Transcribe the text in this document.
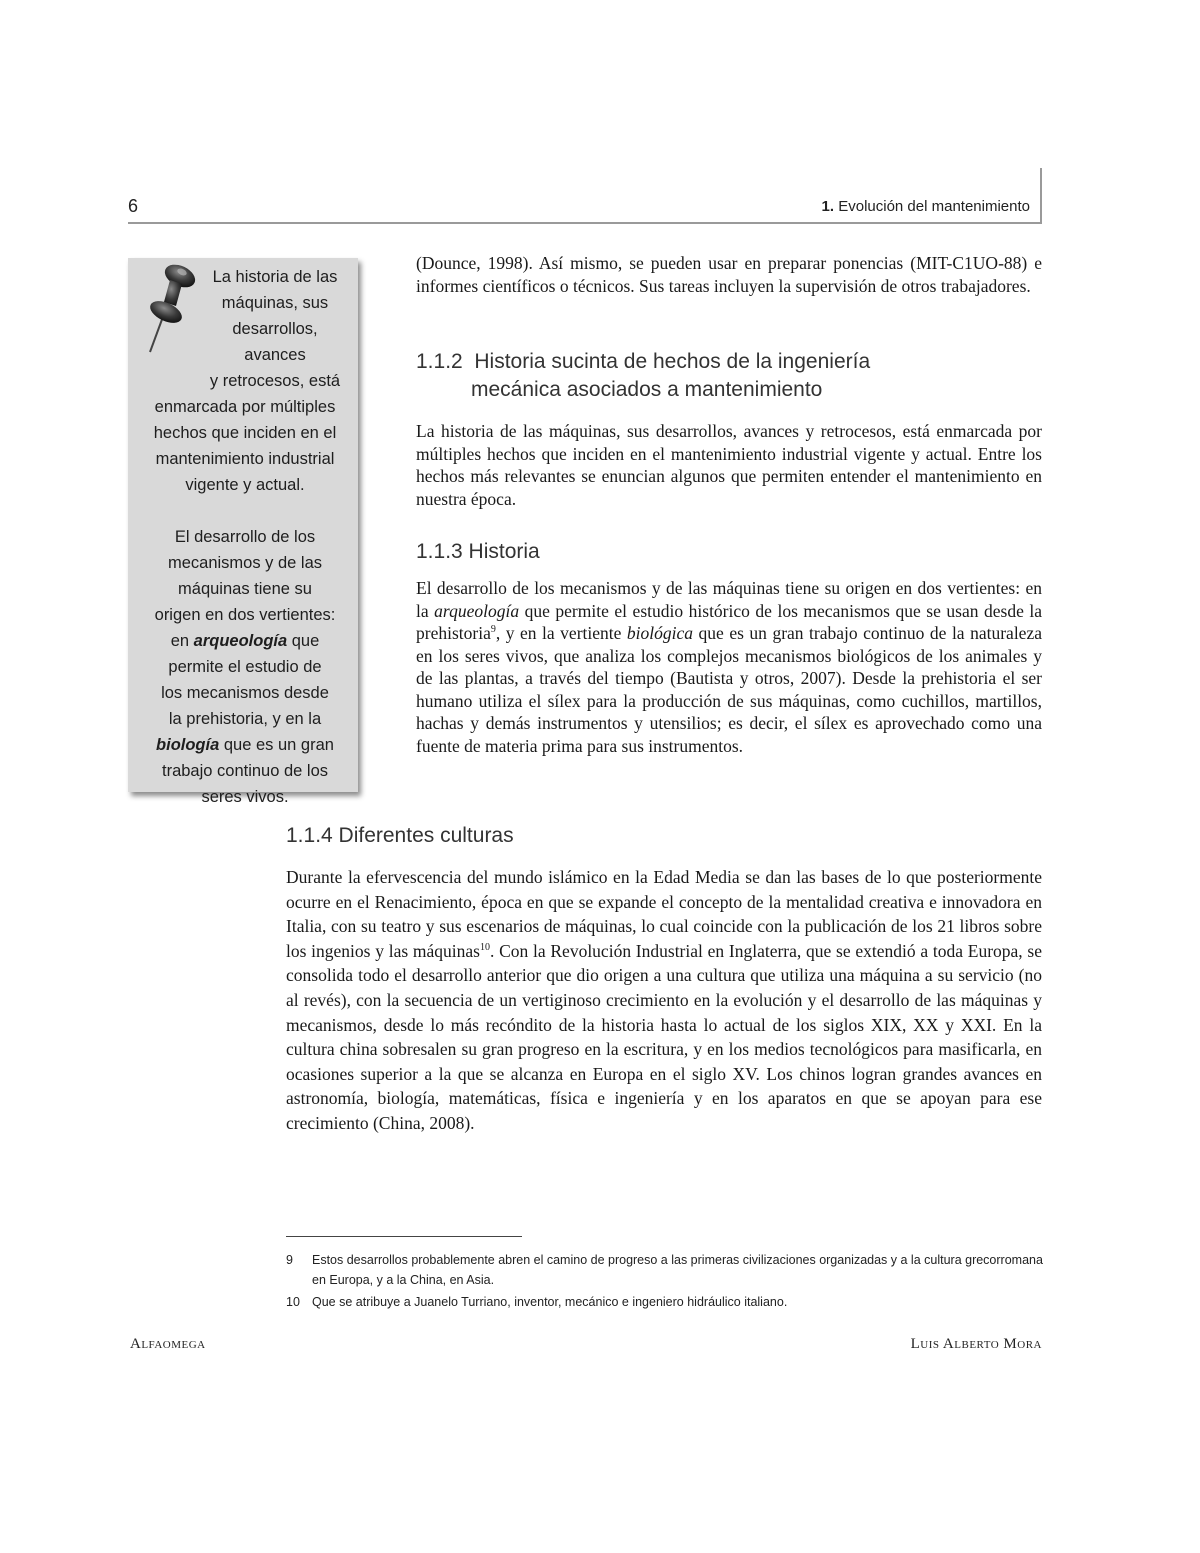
6	1. Evolución del mantenimiento

La historia de las
máquinas, sus
desarrollos, avances
y retrocesos, está
enmarcada por múltiples
hechos que inciden en el
mantenimiento industrial
vigente y actual.

El desarrollo de los
mecanismos y de las
máquinas tiene su
origen en dos vertientes:
en arqueología que
permite el estudio de
los mecanismos desde
la prehistoria, y en la
biología que es un gran
trabajo continuo de los
seres vivos.

(Dounce, 1998). Así mismo, se pueden usar en preparar ponencias (MIT-C1UO-88) e informes científicos o técnicos. Sus tareas incluyen la supervisión de otros trabajadores.

1.1.2 Historia sucinta de hechos de la ingeniería
mecánica asociados a mantenimiento

La historia de las máquinas, sus desarrollos, avances y retrocesos, está enmarcada por múltiples hechos que inciden en el mantenimiento industrial vigente y actual. Entre los hechos más relevantes se enuncian algunos que permiten entender el mantenimiento en nuestra época.

1.1.3 Historia

El desarrollo de los mecanismos y de las máquinas tiene su origen en dos vertientes: en la arqueología que permite el estudio histórico de los mecanismos que se usan desde la prehistoria$^9$, y en la vertiente biológica que es un gran trabajo continuo de la naturaleza en los seres vivos, que analiza los complejos mecanismos biológicos de los animales y de las plantas, a través del tiempo (Bautista y otros, 2007). Desde la prehistoria el ser humano utiliza el sílex para la producción de sus máquinas, como cuchillos, martillos, hachas y demás instrumentos y utensilios; es decir, el sílex es aprovechado como una fuente de materia prima para sus instrumentos.

1.1.4 Diferentes culturas

Durante la efervescencia del mundo islámico en la Edad Media se dan las bases de lo que posteriormente ocurre en el Renacimiento, época en que se expande el concepto de la mentalidad creativa e innovadora en Italia, con su teatro y sus escenarios de máquinas, lo cual coincide con la publicación de los 21 libros sobre los ingenios y las máquinas$^{10}$. Con la Revolución Industrial en Inglaterra, que se extendió a toda Europa, se consolida todo el desarrollo anterior que dio origen a una cultura que utiliza una máquina a su servicio (no al revés), con la secuencia de un vertiginoso crecimiento en la evolución y el desarrollo de las máquinas y mecanismos, desde lo más recóndito de la historia hasta lo actual de los siglos XIX, XX y XXI. En la cultura china sobresalen su gran progreso en la escritura, y en los medios tecnológicos para masificarla, en ocasiones superior a la que se alcanza en Europa en el siglo XV. Los chinos logran grandes avances en astronomía, biología, matemáticas, física e ingeniería y en los aparatos en que se apoyan para ese crecimiento (China, 2008).

9 Estos desarrollos probablemente abren el camino de progreso a las primeras civilizaciones organizadas y a la cultura grecorromana en Europa, y a la China, en Asia.
10 Que se atribuye a Juanelo Turriano, inventor, mecánico e ingeniero hidráulico italiano.
Alfaomega	Luis Alberto Mora
